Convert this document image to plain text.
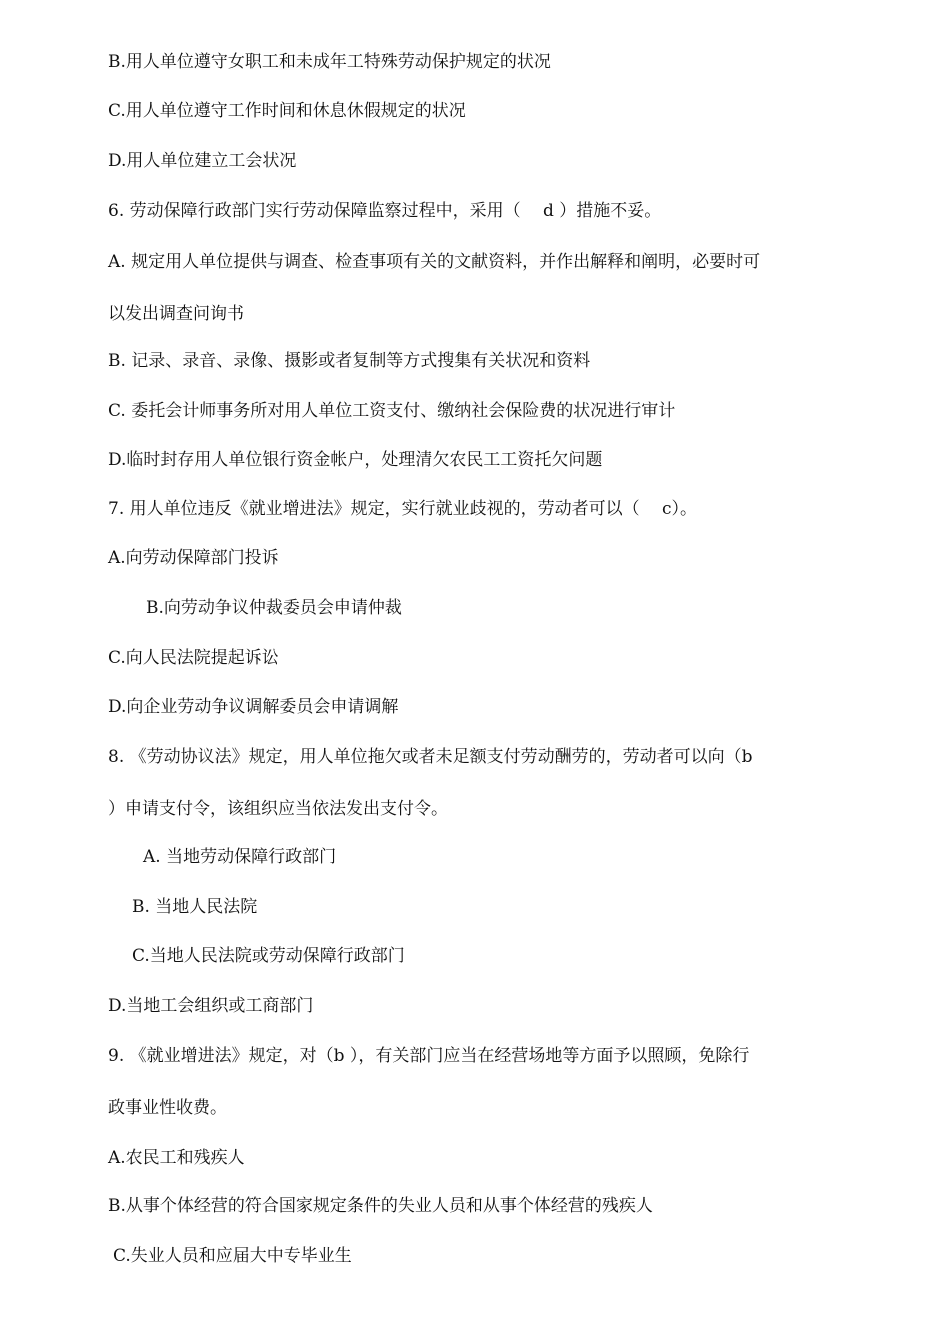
B.用人单位遵守女职工和未成年工特殊劳动保护规定的状况
C.用人单位遵守工作时间和休息休假规定的状况
D.用人单位建立工会状况
6. 劳动保障行政部门实行劳动保障监察过程中，采用（　 d ）措施不妥。
A. 规定用人单位提供与调查、检查事项有关的文献资料，并作出解释和阐明，必要时可
以发出调查问询书
B. 记录、录音、录像、摄影或者复制等方式搜集有关状况和资料
C. 委托会计师事务所对用人单位工资支付、缴纳社会保险费的状况进行审计
D.临时封存用人单位银行资金帐户，处理清欠农民工工资托欠问题
7. 用人单位违反《就业增进法》规定，实行就业歧视的，劳动者可以（　 c）。
A.向劳动保障部门投诉
B.向劳动争议仲裁委员会申请仲裁
C.向人民法院提起诉讼
D.向企业劳动争议调解委员会申请调解
8. 《劳动协议法》规定，用人单位拖欠或者未足额支付劳动酬劳的，劳动者可以向（b
）申请支付令，该组织应当依法发出支付令。
A. 当地劳动保障行政部门
B. 当地人民法院
C.当地人民法院或劳动保障行政部门
D.当地工会组织或工商部门
9. 《就业增进法》规定，对（b ），有关部门应当在经营场地等方面予以照顾，免除行
政事业性收费。
A.农民工和残疾人
B.从事个体经营的符合国家规定条件的失业人员和从事个体经营的残疾人
C.失业人员和应届大中专毕业生
